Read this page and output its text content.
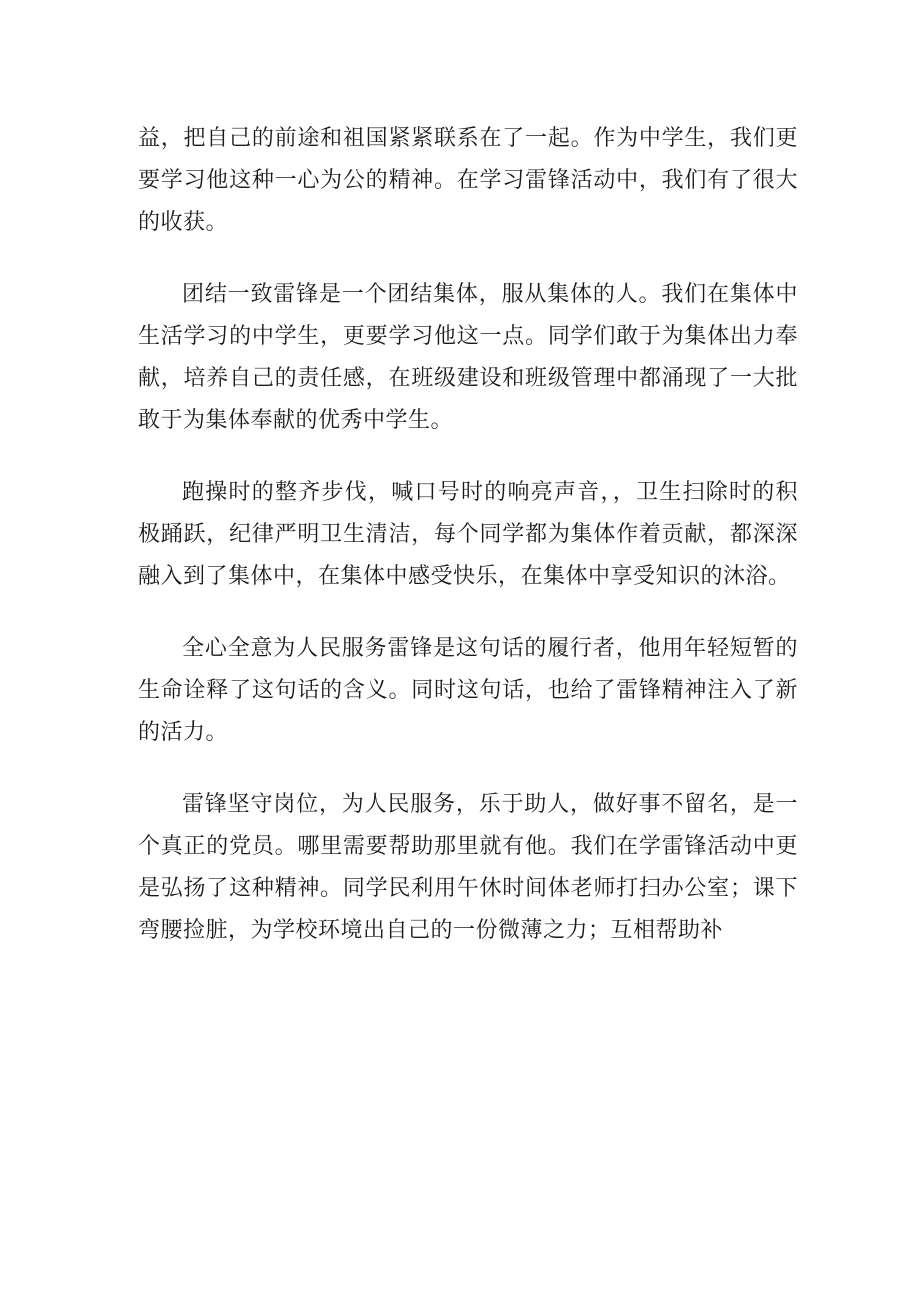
益，把自己的前途和祖国紧紧联系在了一起。作为中学生，我们更要学习他这种一心为公的精神。在学习雷锋活动中，我们有了很大的收获。

团结一致雷锋是一个团结集体，服从集体的人。我们在集体中生活学习的中学生，更要学习他这一点。同学们敢于为集体出力奉献，培养自己的责任感，在班级建设和班级管理中都涌现了一大批敢于为集体奉献的优秀中学生。

跑操时的整齐步伐，喊口号时的响亮声音，，卫生扫除时的积极踊跃，纪律严明卫生清洁，每个同学都为集体作着贡献，都深深融入到了集体中，在集体中感受快乐，在集体中享受知识的沐浴。

全心全意为人民服务雷锋是这句话的履行者，他用年轻短暂的生命诠释了这句话的含义。同时这句话，也给了雷锋精神注入了新的活力。

雷锋坚守岗位，为人民服务，乐于助人，做好事不留名，是一个真正的党员。哪里需要帮助那里就有他。我们在学雷锋活动中更是弘扬了这种精神。同学民利用午休时间体老师打扫办公室；课下弯腰捡脏，为学校环境出自己的一份微薄之力；互相帮助补
